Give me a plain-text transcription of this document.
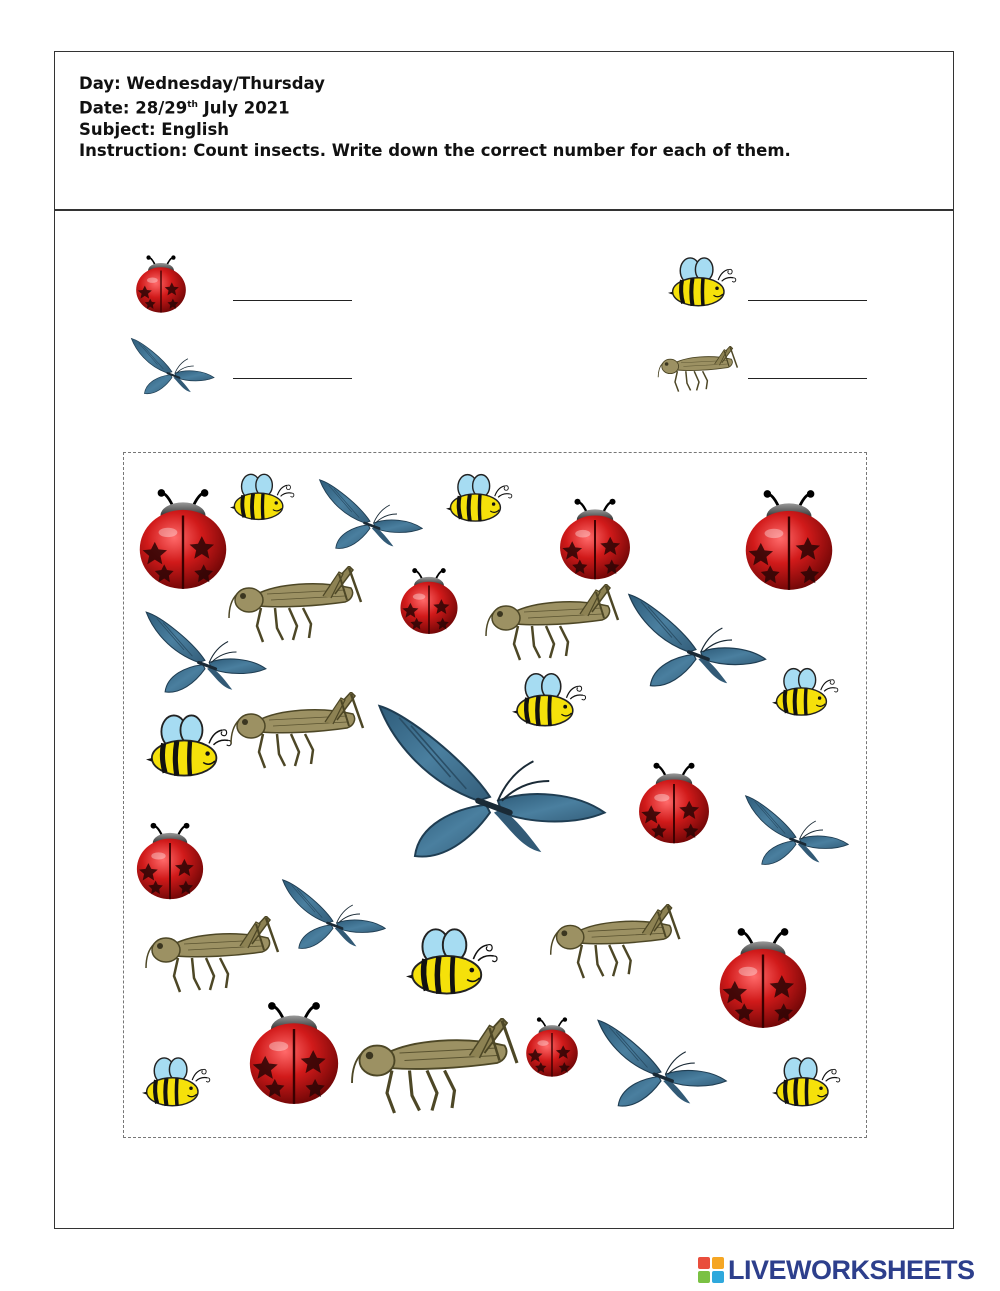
Day: Wednesday/Thursday
Date: 28/29th July 2021
Subject: English
Instruction: Count insects. Write down the correct number for each of them.
LIVEWORKSHEETS
